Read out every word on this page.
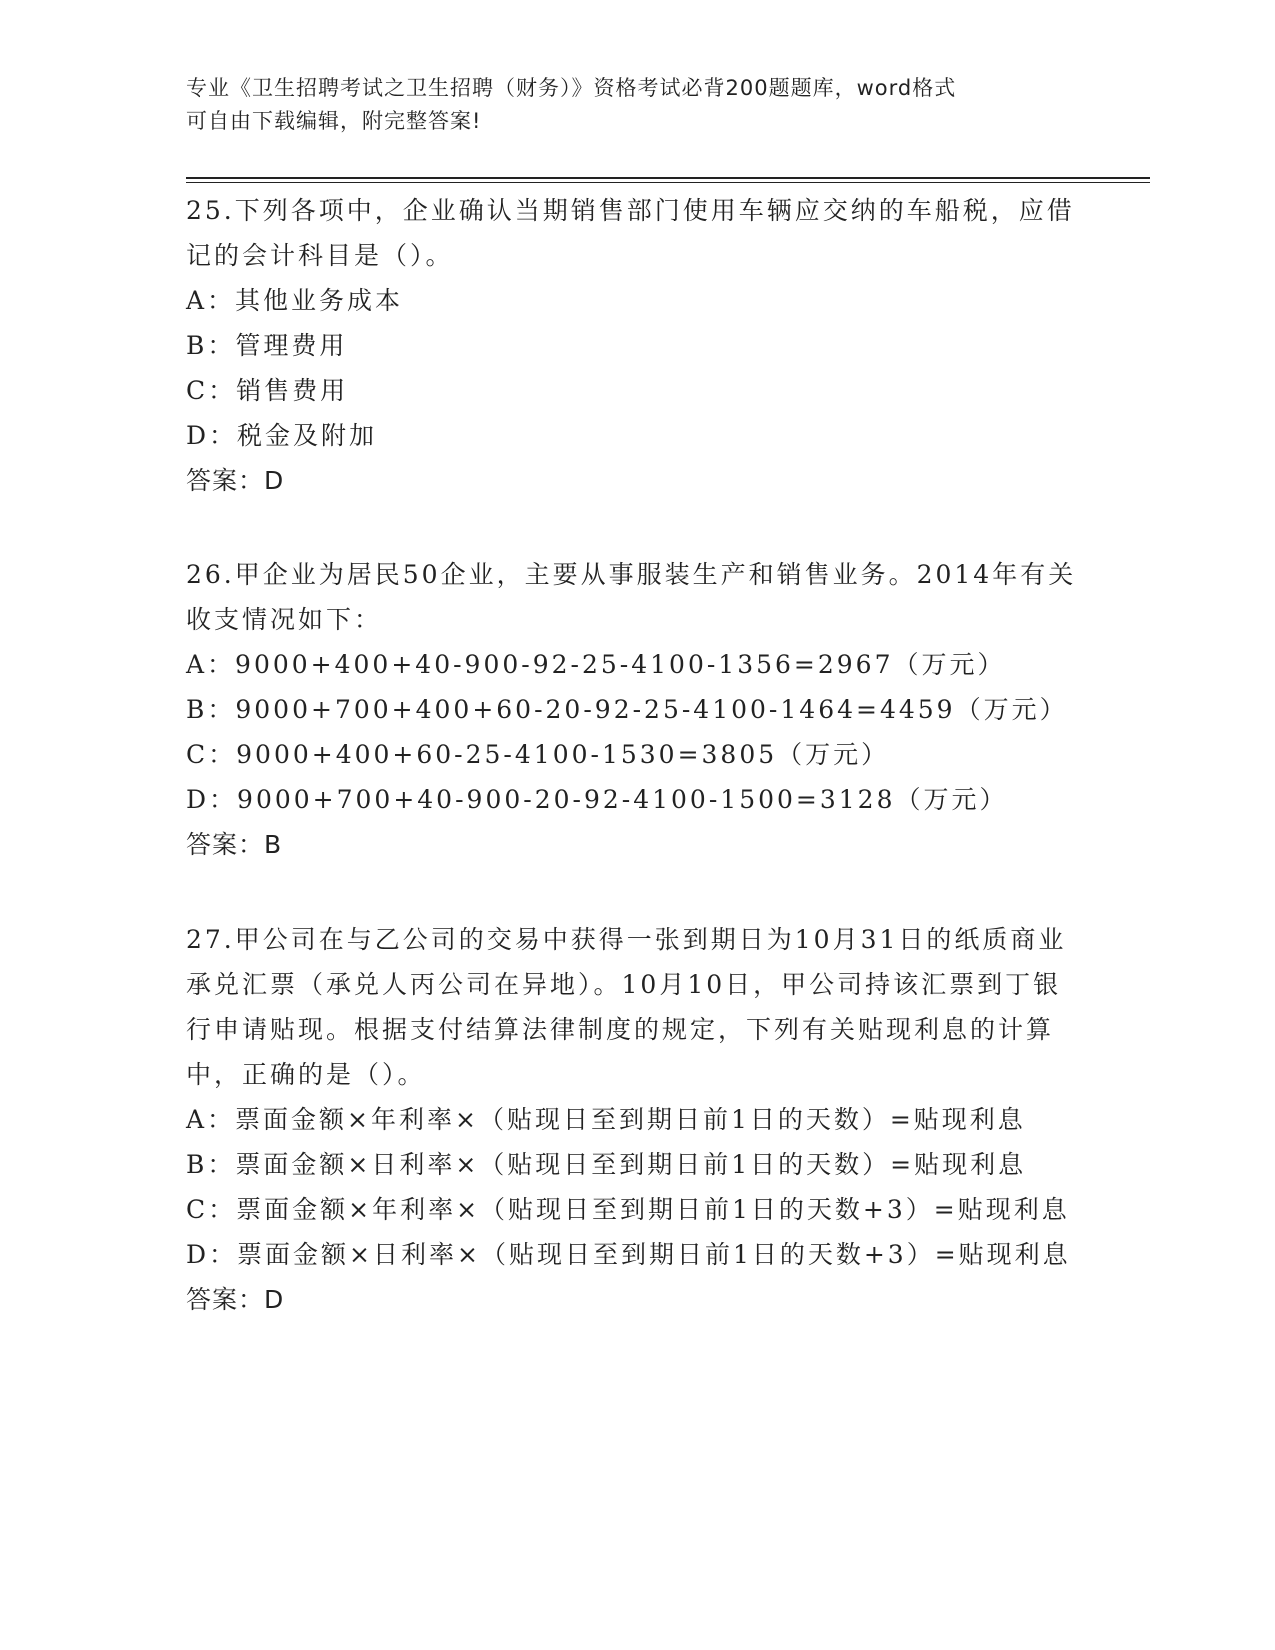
专业《卫生招聘考试之卫生招聘（财务）》资格考试必背200题题库，word格式
可自由下载编辑，附完整答案!

25.下列各项中，企业确认当期销售部门使用车辆应交纳的车船税，应借记的会计科目是（）。

A：其他业务成本

B：管理费用

C：销售费用

D：税金及附加

答案：D

26.甲企业为居民50企业，主要从事服装生产和销售业务。2014年有关收支情况如下：

A：9000+400+40-900-92-25-4100-1356=2967（万元）

B：9000+700+400+60-20-92-25-4100-1464=4459（万元）

C：9000+400+60-25-4100-1530=3805（万元）

D：9000+700+40-900-20-92-4100-1500=3128（万元）

答案：B

27.甲公司在与乙公司的交易中获得一张到期日为10月31日的纸质商业承兑汇票（承兑人丙公司在异地）。10月10日，甲公司持该汇票到丁银行申请贴现。根据支付结算法律制度的规定，下列有关贴现利息的计算中，正确的是（）。

A：票面金额×年利率×（贴现日至到期日前1日的天数）=贴现利息

B：票面金额×日利率×（贴现日至到期日前1日的天数）=贴现利息

C：票面金额×年利率×（贴现日至到期日前1日的天数+3）=贴现利息

D：票面金额×日利率×（贴现日至到期日前1日的天数+3）=贴现利息

答案：D
